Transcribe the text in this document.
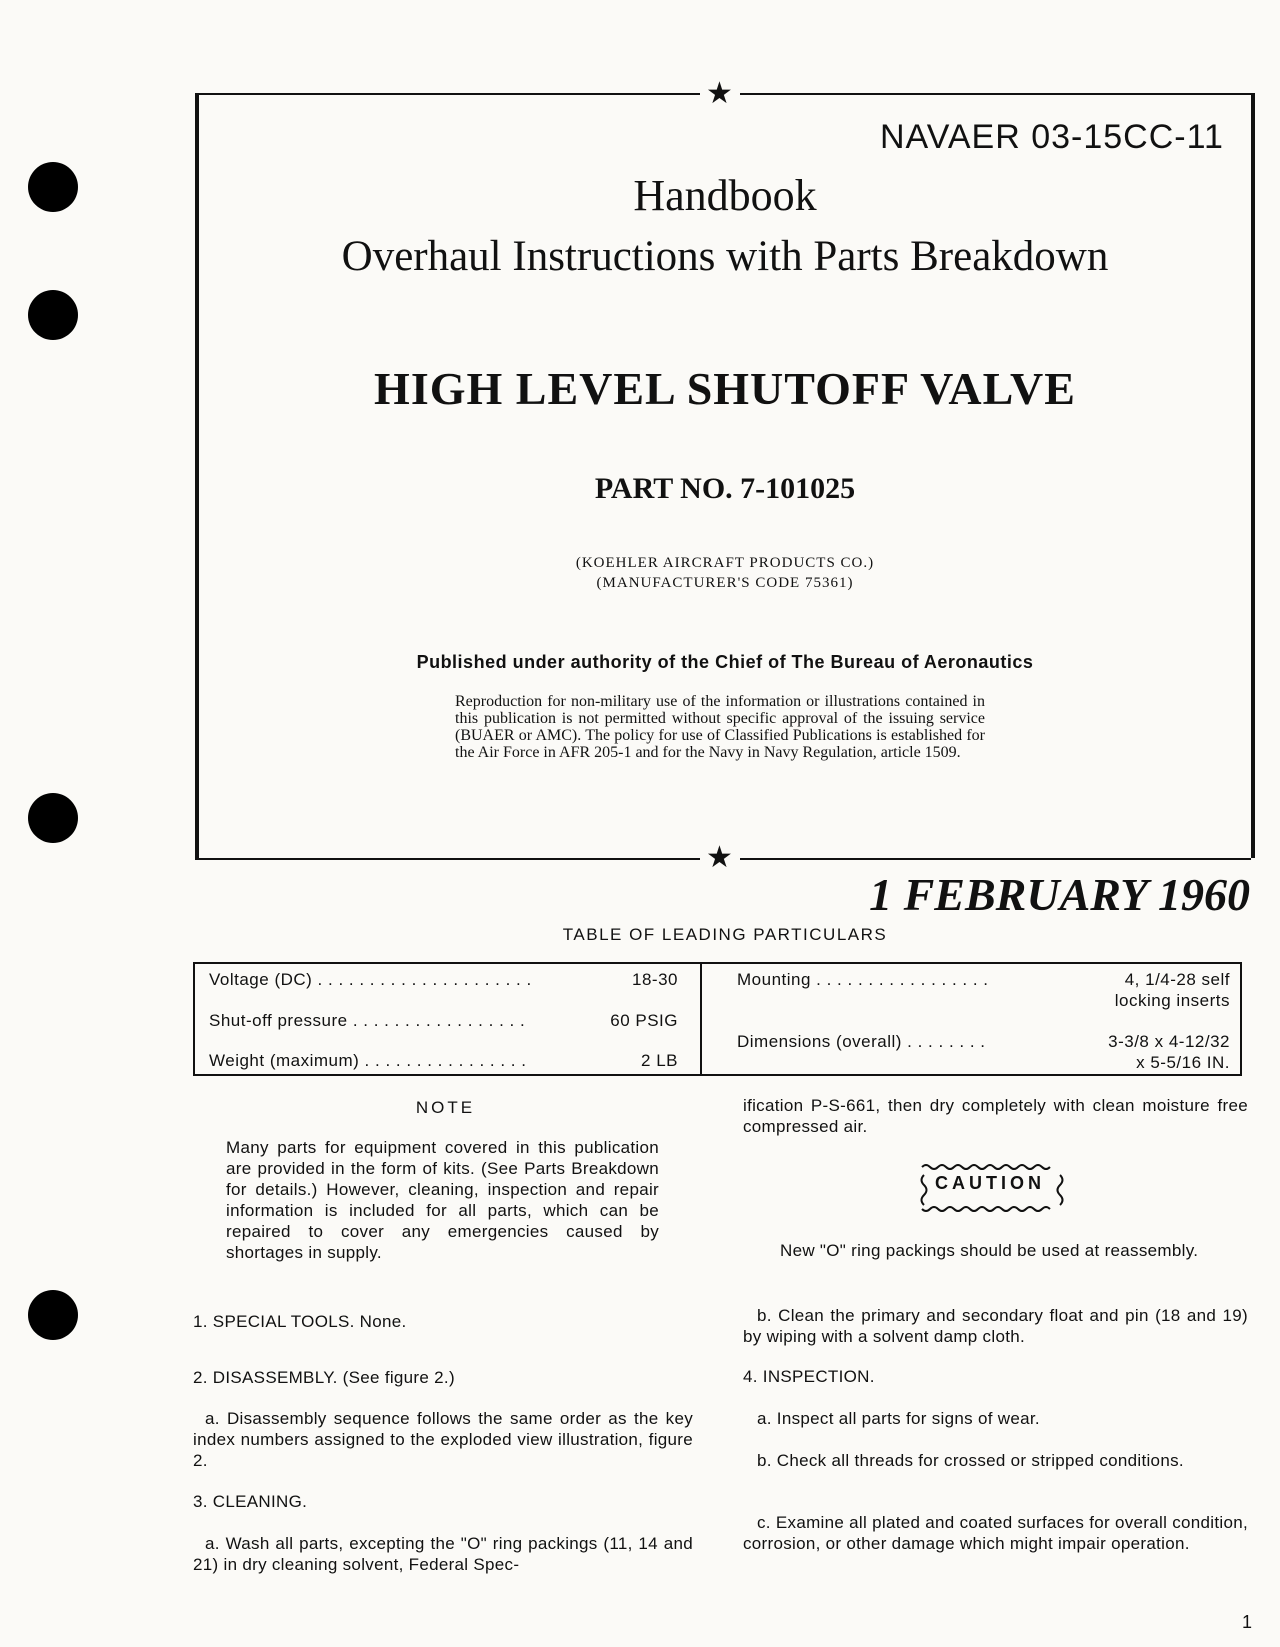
★
★
NAVAER 03-15CC-11
Handbook
Overhaul Instructions with Parts Breakdown
HIGH LEVEL SHUTOFF VALVE
PART NO. 7-101025
(KOEHLER AIRCRAFT PRODUCTS CO.)
(MANUFACTURER'S CODE 75361)
Published under authority of the Chief of The Bureau of Aeronautics
Reproduction for non-military use of the information or illustrations contained in this publication is not permitted without specific approval of the issuing service (BUAER or AMC). The policy for use of Classified Publications is established for the Air Force in AFR 205-1 and for the Navy in Navy Regulation, article 1509.
1 FEBRUARY 1960
TABLE OF LEADING PARTICULARS
Voltage (DC) . . . . . . . . . . . . . . . . . . . . .	18-30
Shut-off pressure . . . . . . . . . . . . . . . . .	60 PSIG
Weight (maximum) . . . . . . . . . . . . . . . .	2 LB
Mounting . . . . . . . . . . . . . . . . .	4, 1/4-28 self
locking inserts
Dimensions (overall) . . . . . . . .	3-3/8 x 4-12/32
x 5-5/16 IN.
NOTE
Many parts for equipment covered in this publication are provided in the form of kits. (See Parts Breakdown for details.) However, cleaning, inspection and repair information is included for all parts, which can be repaired to cover any emergencies caused by shortages in supply.
1. SPECIAL TOOLS. None.
2. DISASSEMBLY. (See figure 2.)
a. Disassembly sequence follows the same order as the key index numbers assigned to the exploded view illustration, figure 2.
3. CLEANING.
a. Wash all parts, excepting the "O" ring packings (11, 14 and 21) in dry cleaning solvent, Federal Spec-
ification P-S-661, then dry completely with clean moisture free compressed air.
CAUTION
New "O" ring packings should be used at reassembly.
b. Clean the primary and secondary float and pin (18 and 19) by wiping with a solvent damp cloth.
4. INSPECTION.
a. Inspect all parts for signs of wear.
b. Check all threads for crossed or stripped conditions.
c. Examine all plated and coated surfaces for overall condition, corrosion, or other damage which might impair operation.
1
